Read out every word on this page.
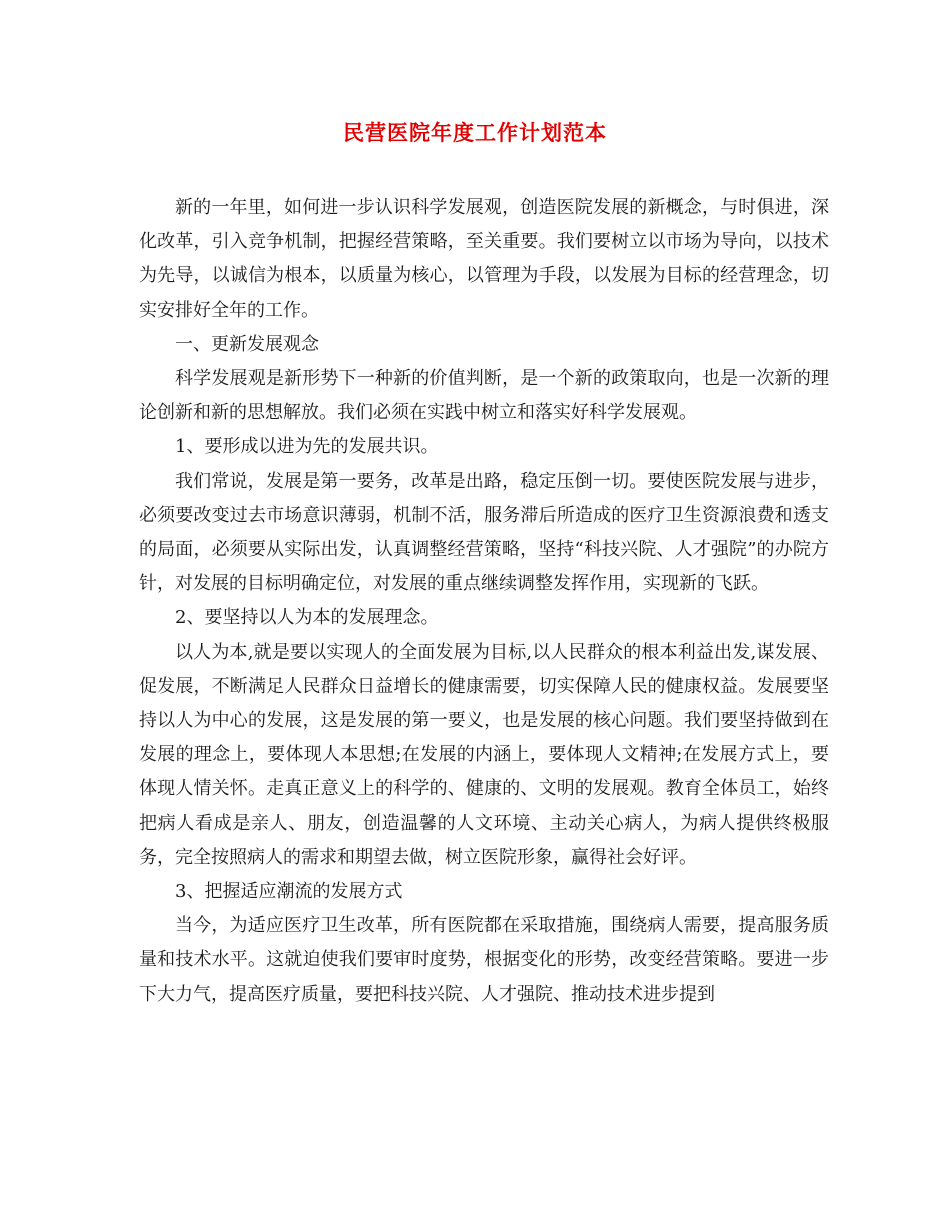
民营医院年度工作计划范本

新的一年里，如何进一步认识科学发展观，创造医院发展的新概念，与时俱进，深化改革，引入竞争机制，把握经营策略，至关重要。我们要树立以市场为导向，以技术为先导，以诚信为根本，以质量为核心，以管理为手段，以发展为目标的经营理念，切实安排好全年的工作。

一、更新发展观念

科学发展观是新形势下一种新的价值判断，是一个新的政策取向，也是一次新的理论创新和新的思想解放。我们必须在实践中树立和落实好科学发展观。

1、要形成以进为先的发展共识。

我们常说，发展是第一要务，改革是出路，稳定压倒一切。要使医院发展与进步，必须要改变过去市场意识薄弱，机制不活，服务滞后所造成的医疗卫生资源浪费和透支的局面，必须要从实际出发，认真调整经营策略，坚持“科技兴院、人才强院”的办院方针，对发展的目标明确定位，对发展的重点继续调整发挥作用，实现新的飞跃。

2、要坚持以人为本的发展理念。

以人为本,就是要以实现人的全面发展为目标,以人民群众的根本利益出发,谋发展、促发展，不断满足人民群众日益增长的健康需要，切实保障人民的健康权益。发展要坚持以人为中心的发展，这是发展的第一要义，也是发展的核心问题。我们要坚持做到在发展的理念上，要体现人本思想;在发展的内涵上，要体现人文精神;在发展方式上，要体现人情关怀。走真正意义上的科学的、健康的、文明的发展观。教育全体员工，始终把病人看成是亲人、朋友，创造温馨的人文环境、主动关心病人，为病人提供终极服务，完全按照病人的需求和期望去做，树立医院形象，赢得社会好评。

3、把握适应潮流的发展方式

当今，为适应医疗卫生改革，所有医院都在采取措施，围绕病人需要，提高服务质量和技术水平。这就迫使我们要审时度势，根据变化的形势，改变经营策略。要进一步下大力气，提高医疗质量，要把科技兴院、人才强院、推动技术进步提到
